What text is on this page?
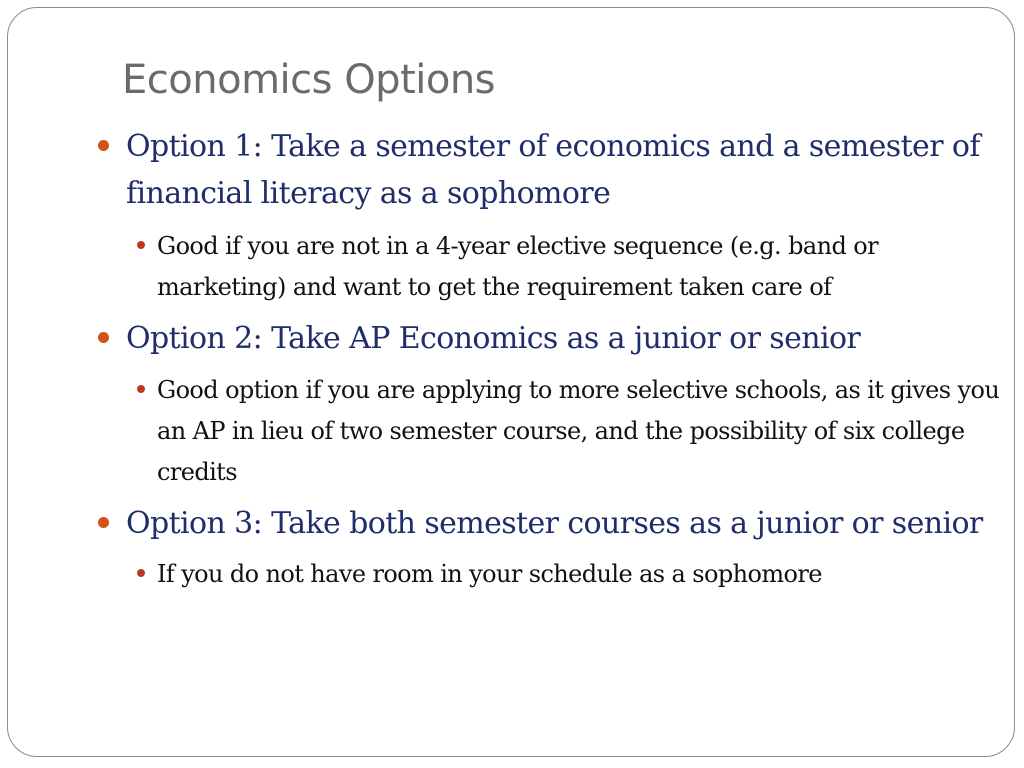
Economics Options
Option 1: Take a semester of economics and a semester of financial literacy as a sophomore
Good if you are not in a 4-year elective sequence (e.g. band or marketing) and want to get the requirement taken care of
Option 2: Take AP Economics as a junior or senior
Good option if you are applying to more selective schools, as it gives you an AP in lieu of two semester course, and the possibility of six college credits
Option 3: Take both semester courses as a junior or senior
If you do not have room in your schedule as a sophomore
